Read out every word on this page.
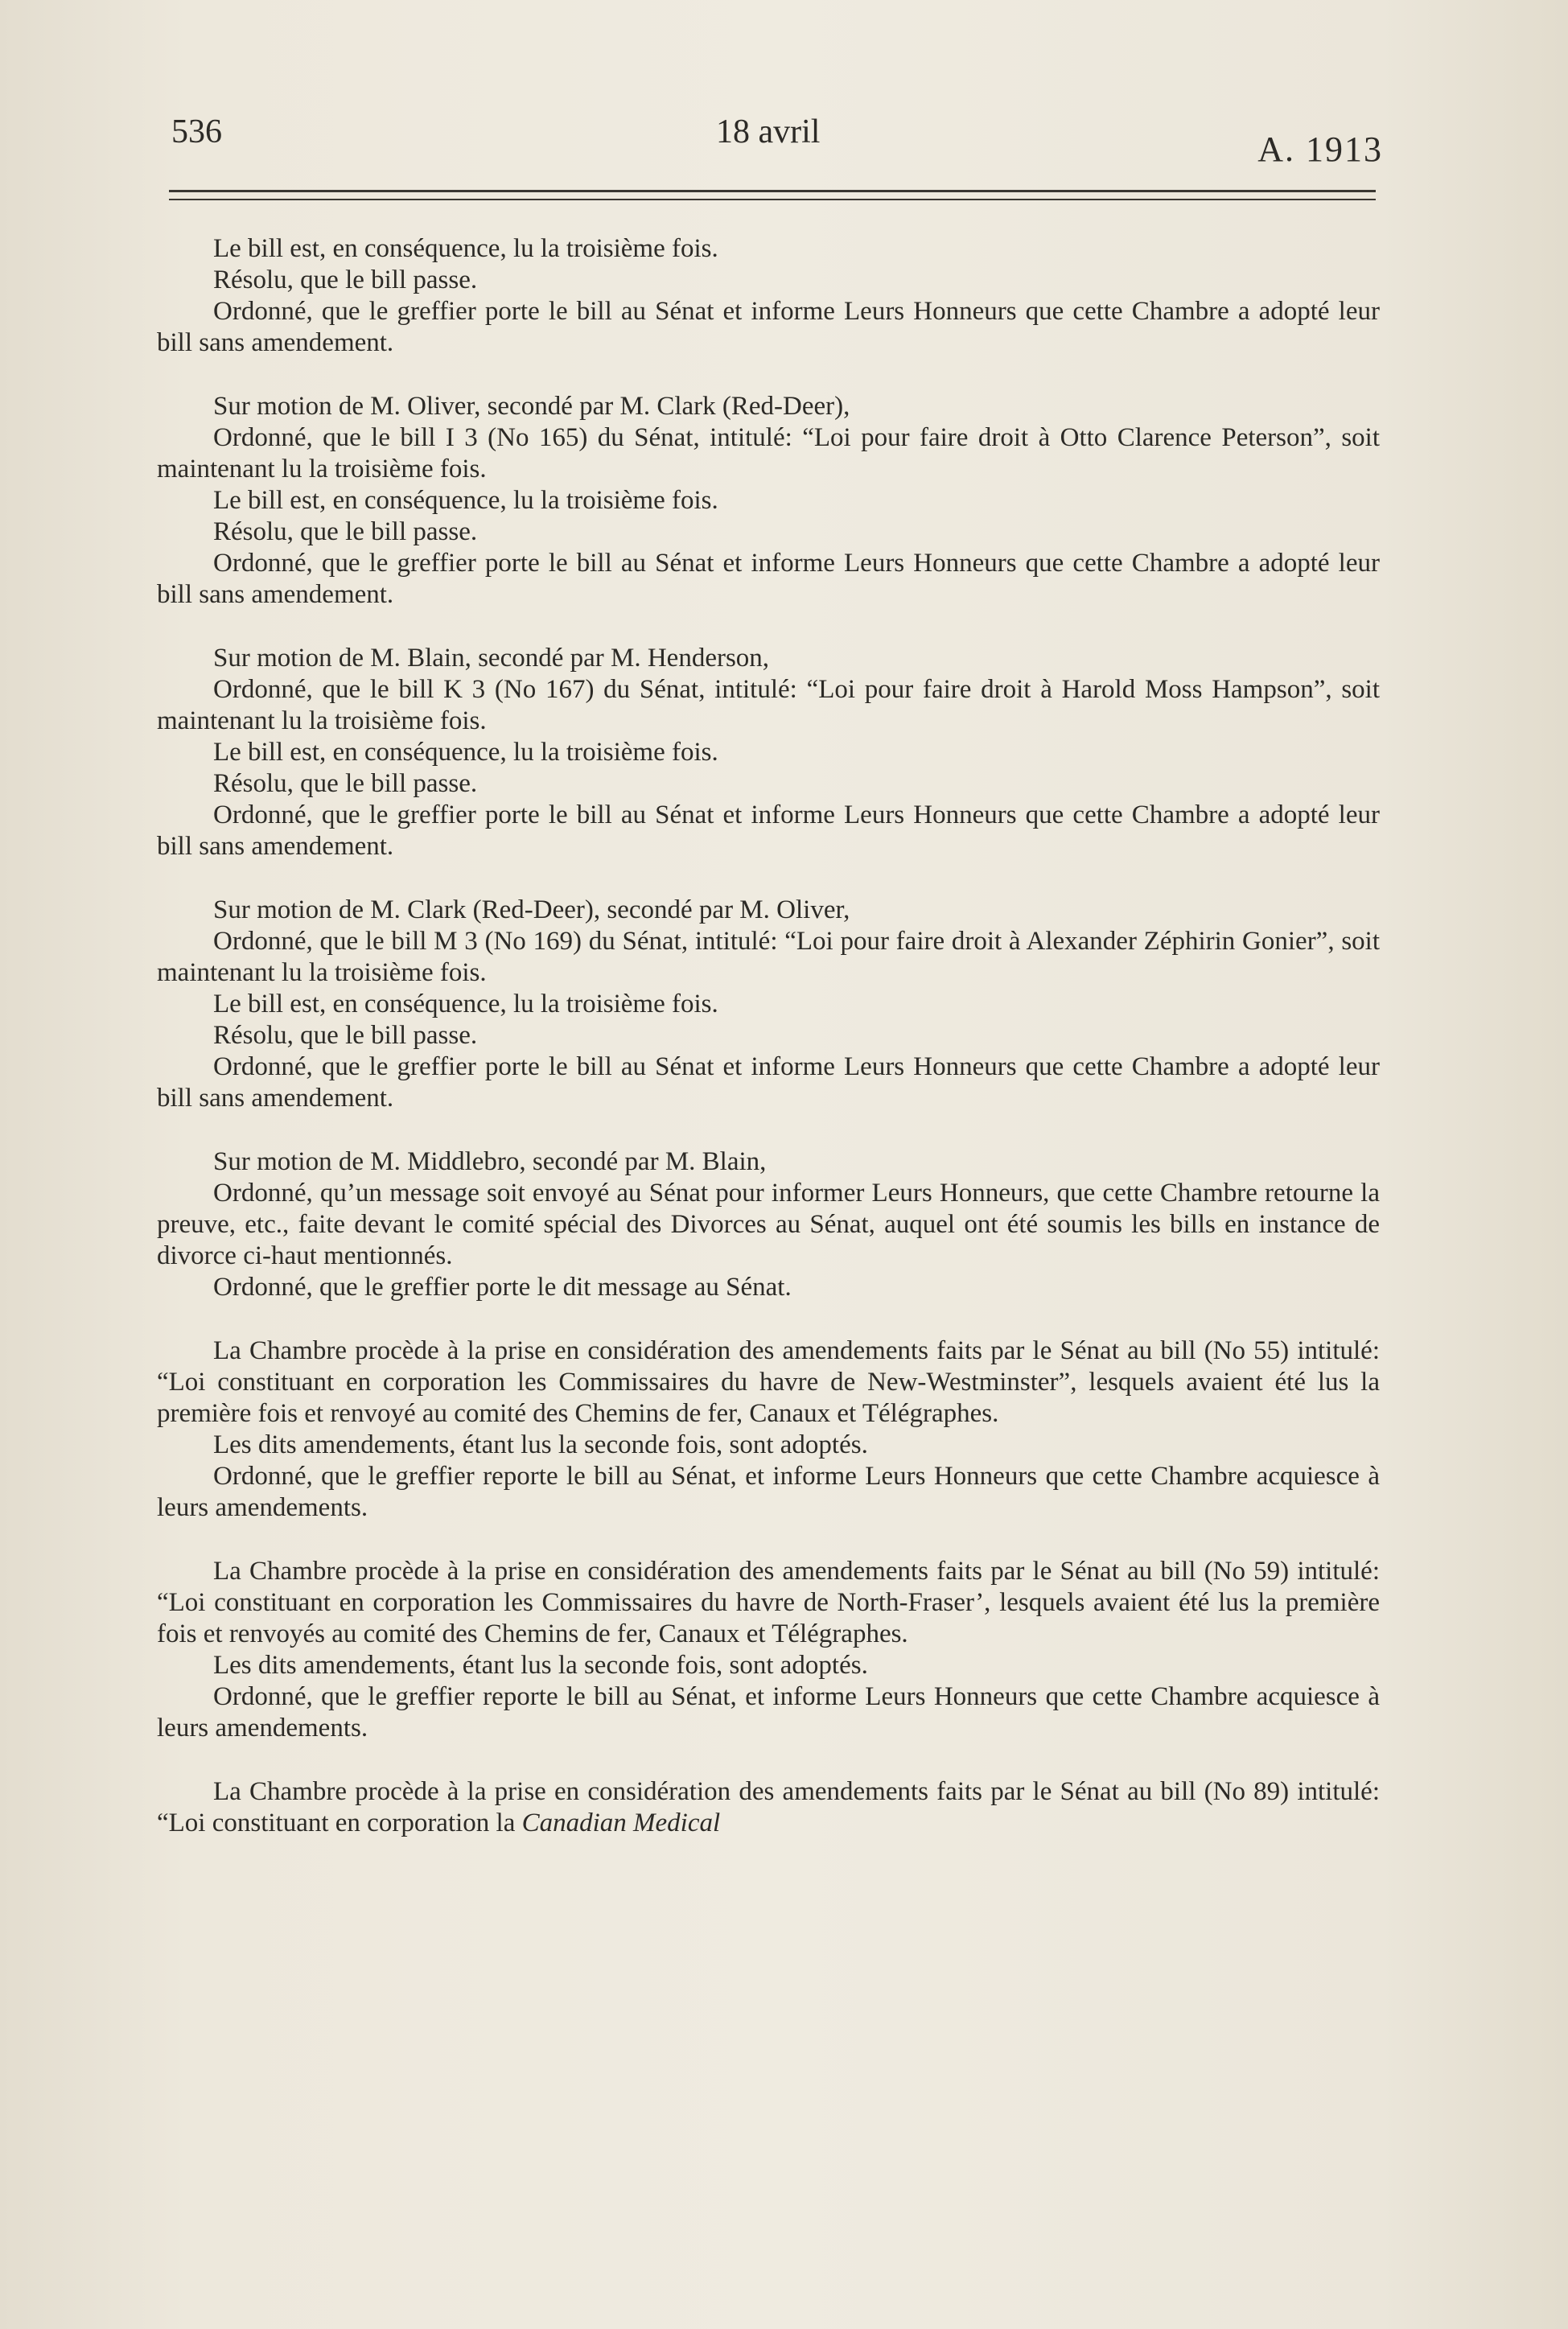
536	18 avril	A. 1913

Le bill est, en conséquence, lu la troisième fois.

Résolu, que le bill passe.

Ordonné, que le greffier porte le bill au Sénat et informe Leurs Honneurs que cette Chambre a adopté leur bill sans amendement.

Sur motion de M. Oliver, secondé par M. Clark (Red-Deer),

Ordonné, que le bill I 3 (No 165) du Sénat, intitulé: “Loi pour faire droit à Otto Clarence Peterson”, soit maintenant lu la troisième fois.

Le bill est, en conséquence, lu la troisième fois.

Résolu, que le bill passe.

Ordonné, que le greffier porte le bill au Sénat et informe Leurs Honneurs que cette Chambre a adopté leur bill sans amendement.

Sur motion de M. Blain, secondé par M. Henderson,

Ordonné, que le bill K 3 (No 167) du Sénat, intitulé: “Loi pour faire droit à Harold Moss Hampson”, soit maintenant lu la troisième fois.

Le bill est, en conséquence, lu la troisième fois.

Résolu, que le bill passe.

Ordonné, que le greffier porte le bill au Sénat et informe Leurs Honneurs que cette Chambre a adopté leur bill sans amendement.

Sur motion de M. Clark (Red-Deer), secondé par M. Oliver,

Ordonné, que le bill M 3 (No 169) du Sénat, intitulé: “Loi pour faire droit à Alexander Zéphirin Gonier”, soit maintenant lu la troisième fois.

Le bill est, en conséquence, lu la troisième fois.

Résolu, que le bill passe.

Ordonné, que le greffier porte le bill au Sénat et informe Leurs Honneurs que cette Chambre a adopté leur bill sans amendement.

Sur motion de M. Middlebro, secondé par M. Blain,

Ordonné, qu’un message soit envoyé au Sénat pour informer Leurs Honneurs, que cette Chambre retourne la preuve, etc., faite devant le comité spécial des Divorces au Sénat, auquel ont été soumis les bills en instance de divorce ci-haut mentionnés.

Ordonné, que le greffier porte le dit message au Sénat.

La Chambre procède à la prise en considération des amendements faits par le Sénat au bill (No 55) intitulé: “Loi constituant en corporation les Commissaires du havre de New-Westminster”, lesquels avaient été lus la première fois et renvoyé au comité des Chemins de fer, Canaux et Télégraphes.

Les dits amendements, étant lus la seconde fois, sont adoptés.

Ordonné, que le greffier reporte le bill au Sénat, et informe Leurs Honneurs que cette Chambre acquiesce à leurs amendements.

La Chambre procède à la prise en considération des amendements faits par le Sénat au bill (No 59) intitulé: “Loi constituant en corporation les Commissaires du havre de North-Fraser’, lesquels avaient été lus la première fois et renvoyés au comité des Chemins de fer, Canaux et Télégraphes.

Les dits amendements, étant lus la seconde fois, sont adoptés.

Ordonné, que le greffier reporte le bill au Sénat, et informe Leurs Honneurs que cette Chambre acquiesce à leurs amendements.

La Chambre procède à la prise en considération des amendements faits par le Sénat au bill (No 89) intitulé: “Loi constituant en corporation la Canadian Medical
